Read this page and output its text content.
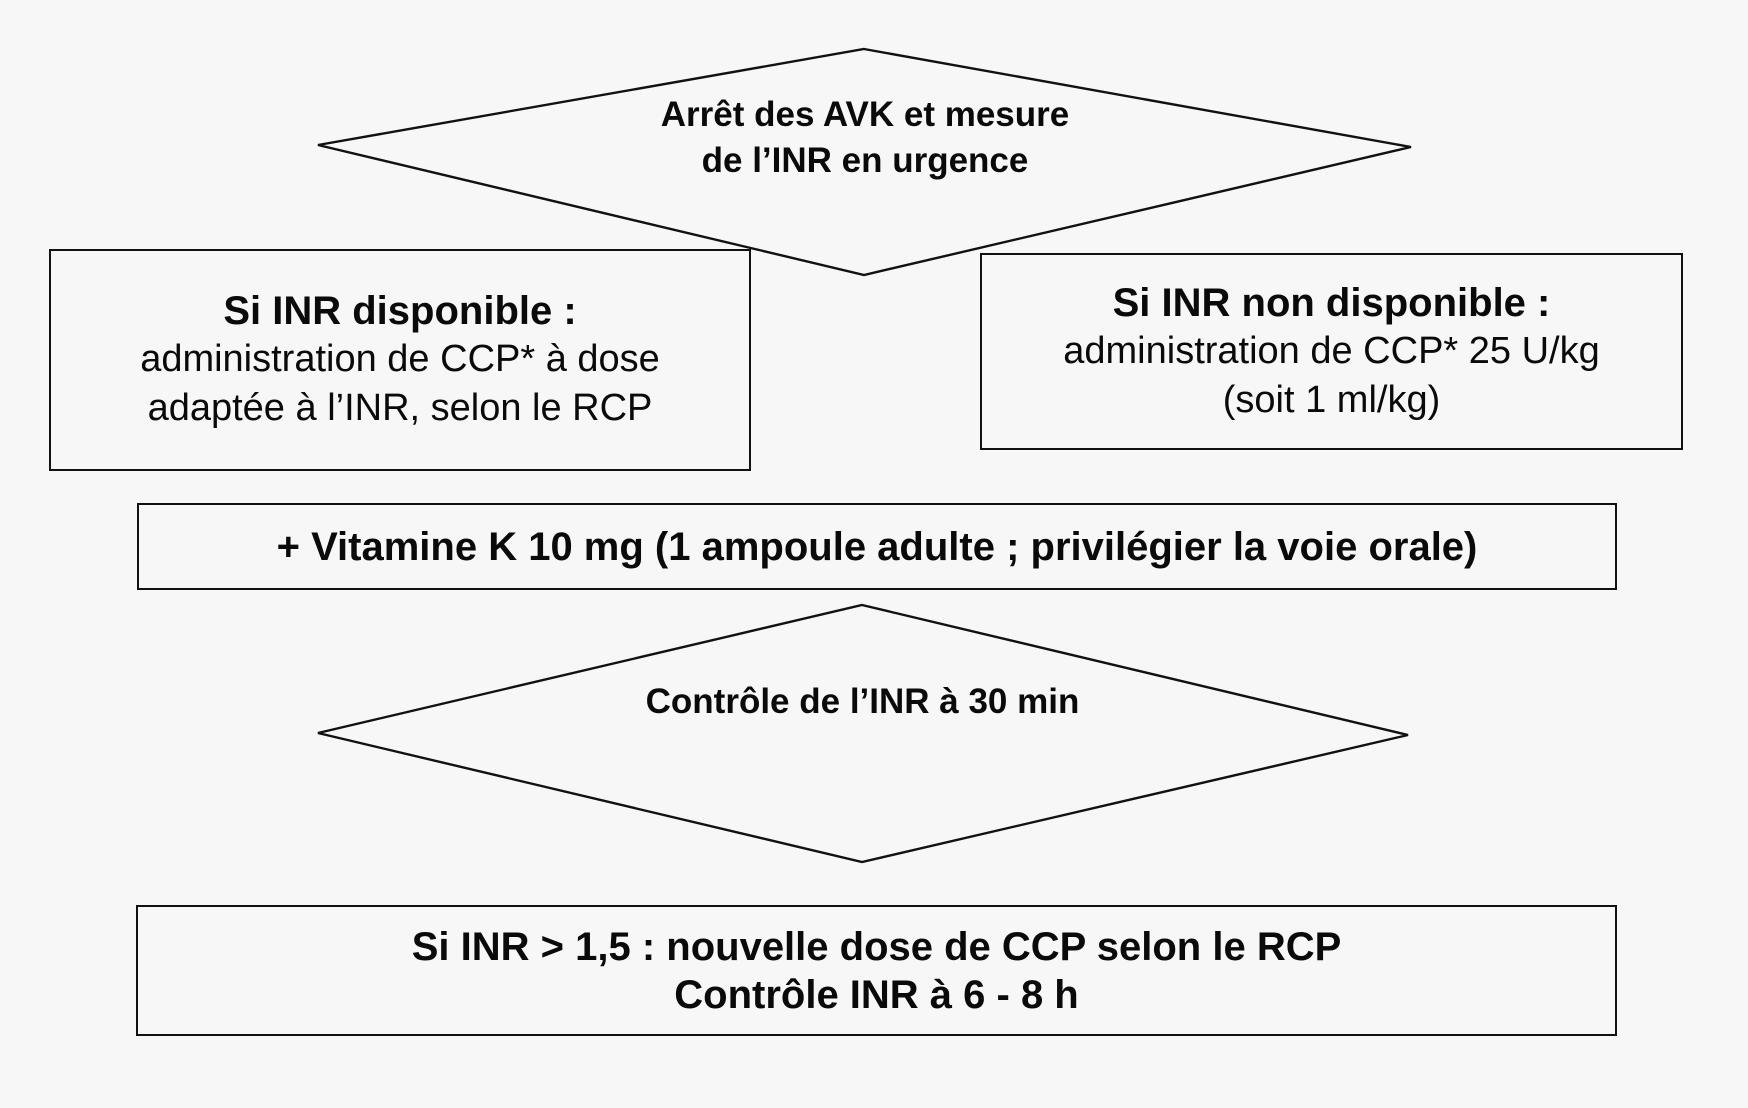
Arrêt des AVK et mesure
de l’INR en urgence
Si INR disponible :
administration de CCP* à dose
adaptée à l’INR, selon le RCP
Si INR non disponible :
administration de CCP* 25 U/kg
(soit 1 ml/kg)
+ Vitamine K 10 mg (1 ampoule adulte ; privilégier la voie orale)
Contrôle de l’INR à 30 min
Si INR > 1,5 : nouvelle dose de CCP selon le RCP
Contrôle INR à 6 - 8 h
